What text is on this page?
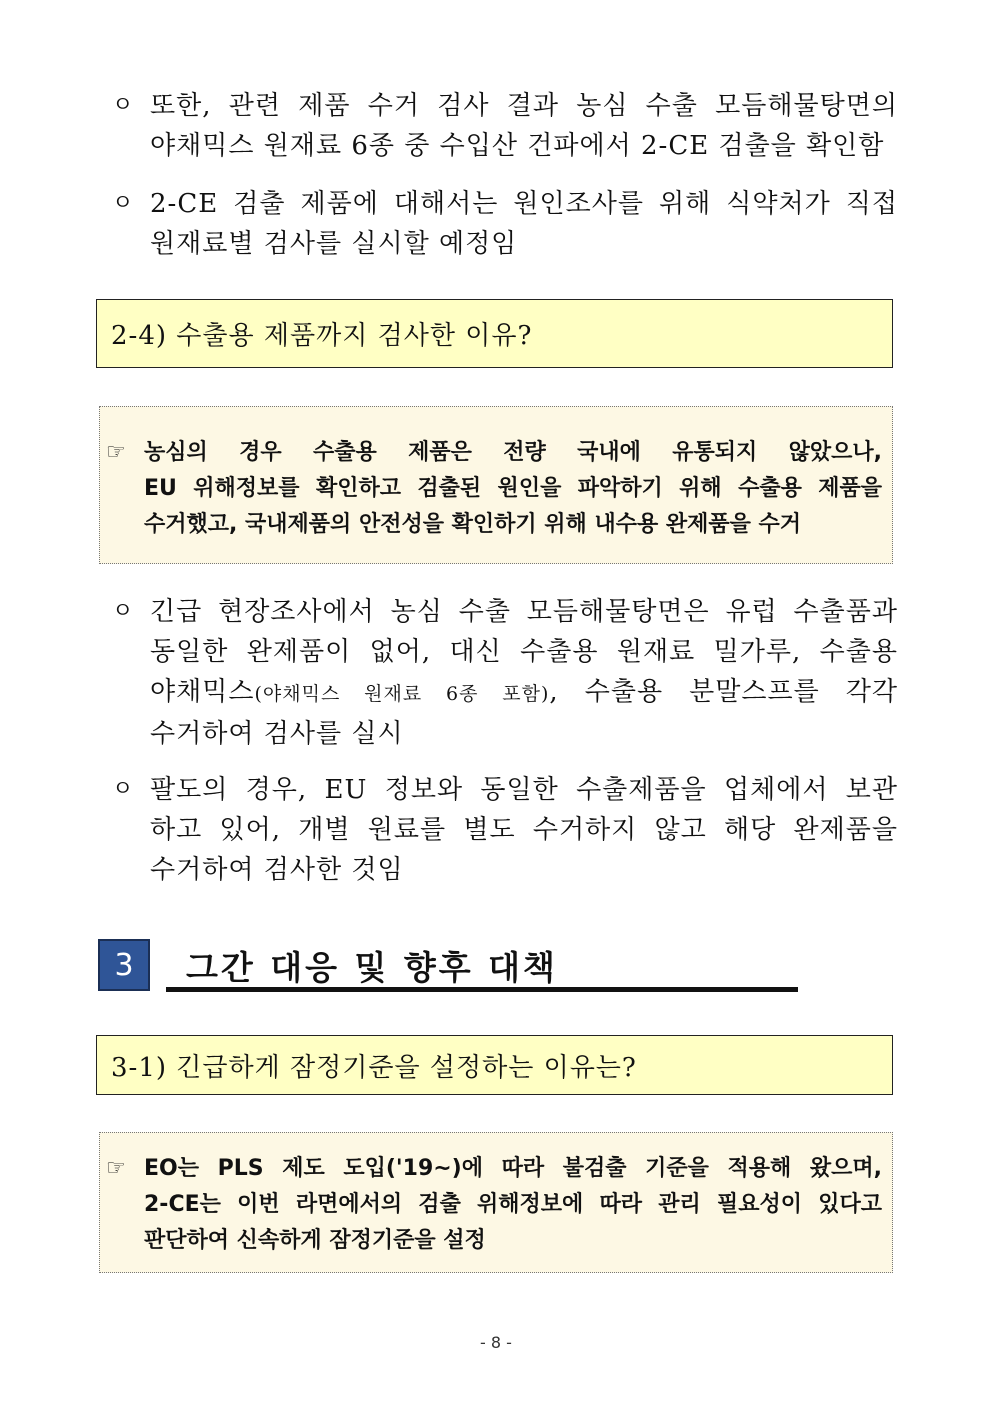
ㅇ 또한, 관련 제품 수거 검사 결과 농심 수출 모듬해물탕면의
야채믹스 원재료 6종 중 수입산 건파에서 2-CE 검출을 확인함
ㅇ 2-CE 검출 제품에 대해서는 원인조사를 위해 식약처가 직접
원재료별 검사를 실시할 예정임
2-4) 수출용 제품까지 검사한 이유?
☞ 농심의 경우 수출용 제품은 전량 국내에 유통되지 않았으나,
EU 위해정보를 확인하고 검출된 원인을 파악하기 위해 수출용 제품을
수거했고, 국내제품의 안전성을 확인하기 위해 내수용 완제품을 수거
ㅇ 긴급 현장조사에서 농심 수출 모듬해물탕면은 유럽 수출품과
동일한 완제품이 없어, 대신 수출용 원재료 밀가루, 수출용
야채믹스(야채믹스 원재료 6종 포함), 수출용 분말스프를 각각
수거하여 검사를 실시
ㅇ 팔도의 경우, EU 정보와 동일한 수출제품을 업체에서 보관
하고 있어, 개별 원료를 별도 수거하지 않고 해당 완제품을
수거하여 검사한 것임
3	그간 대응 및 향후 대책
3-1) 긴급하게 잠정기준을 설정하는 이유는?
☞ EO는 PLS 제도 도입('19~)에 따라 불검출 기준을 적용해 왔으며,
2-CE는 이번 라면에서의 검출 위해정보에 따라 관리 필요성이 있다고
판단하여 신속하게 잠정기준을 설정
- 8 -
